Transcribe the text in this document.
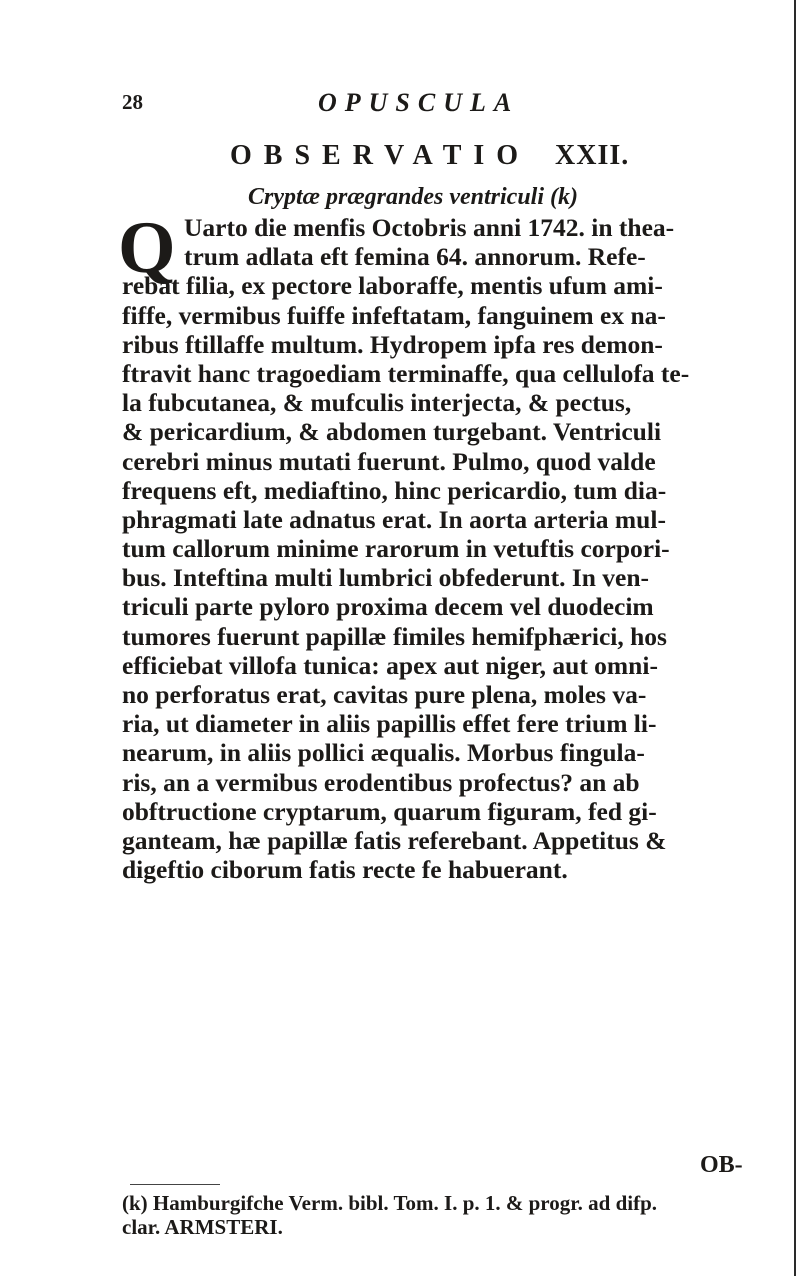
28	OPUSCULA
OBSERVATIO XXII.
Cryptæ prægrandes ventriculi (k)
Q Uarto die menfis Octobris anni 1742. in thea-
trum adlata eft femina 64. annorum. Refe-
rebat filia, ex pectore laboraffe, mentis ufum ami-
fiffe, vermibus fuiffe infeftatam, fanguinem ex na-
ribus ftillaffe multum. Hydropem ipfa res demon-
ftravit hanc tragoediam terminaffe, qua cellulofa te-
la fubcutanea, & mufculis interjecta, & pectus,
& pericardium, & abdomen turgebant. Ventriculi
cerebri minus mutati fuerunt. Pulmo, quod valde
frequens eft, mediaftino, hinc pericardio, tum dia-
phragmati late adnatus erat. In aorta arteria mul-
tum callorum minime rarorum in vetuftis corpori-
bus. Inteftina multi lumbrici obfederunt. In ven-
triculi parte pyloro proxima decem vel duodecim
tumores fuerunt papillæ fimiles hemifphærici, hos
efficiebat villofa tunica: apex aut niger, aut omni-
no perforatus erat, cavitas pure plena, moles va-
ria, ut diameter in aliis papillis effet fere trium li-
nearum, in aliis pollici æqualis. Morbus fingula-
ris, an a vermibus erodentibus profectus? an ab
obftructione cryptarum, quarum figuram, fed gi-
ganteam, hæ papillæ fatis referebant. Appetitus &
digeftio ciborum fatis recte fe habuerant.
OB-
(k) Hamburgifche Verm. bibl. Tom. I. p. 1. & progr. ad difp.
clar. ARMSTERI.
